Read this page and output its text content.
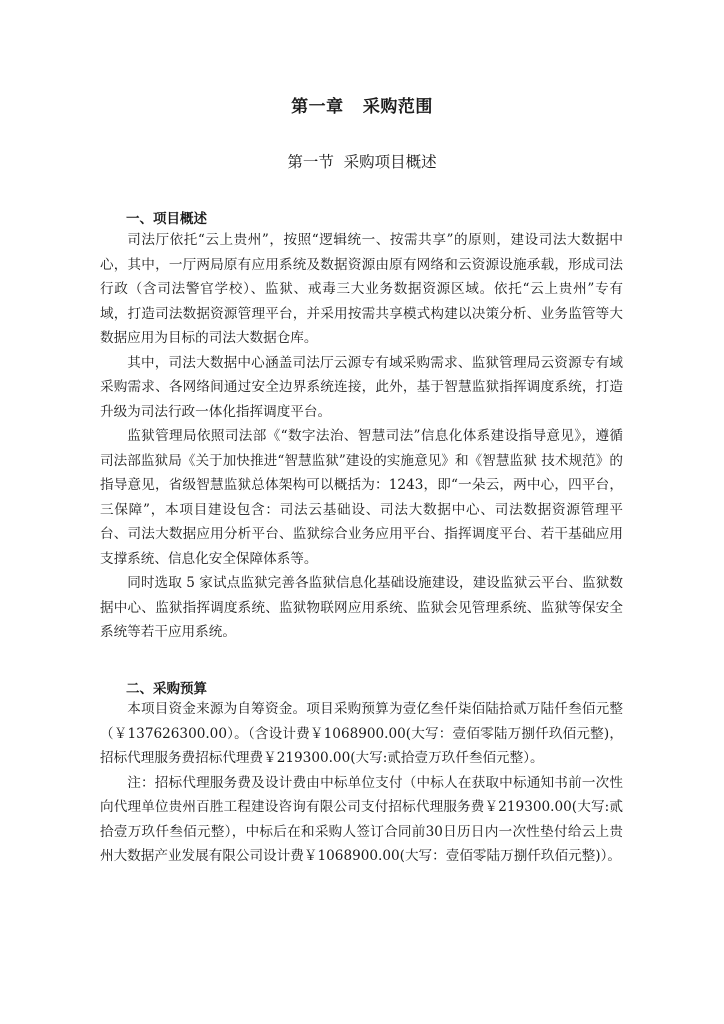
第一章   采购范围
第一节  采购项目概述
一、项目概述

司法厅依托“云上贵州”，按照“逻辑统一、按需共享”的原则，建设司法大数据中心，其中，一厅两局原有应用系统及数据资源由原有网络和云资源设施承载，形成司法行政（含司法警官学校）、监狱、戒毒三大业务数据资源区域。依托“云上贵州”专有域，打造司法数据资源管理平台，并采用按需共享模式构建以决策分析、业务监管等大数据应用为目标的司法大数据仓库。

其中，司法大数据中心涵盖司法厅云源专有域采购需求、监狱管理局云资源专有域采购需求、各网络间通过安全边界系统连接，此外，基于智慧监狱指挥调度系统，打造升级为司法行政一体化指挥调度平台。

监狱管理局依照司法部《“数字法治、智慧司法”信息化体系建设指导意见》，遵循司法部监狱局《关于加快推进“智慧监狱”建设的实施意见》和《智慧监狱 技术规范》的指导意见，省级智慧监狱总体架构可以概括为：1243，即“一朵云，两中心，四平台，三保障”，本项目建设包含：司法云基础设、司法大数据中心、司法数据资源管理平台、司法大数据应用分析平台、监狱综合业务应用平台、指挥调度平台、若干基础应用支撑系统、信息化安全保障体系等。

同时选取 5 家试点监狱完善各监狱信息化基础设施建设，建设监狱云平台、监狱数据中心、监狱指挥调度系统、监狱物联网应用系统、监狱会见管理系统、监狱等保安全系统等若干应用系统。

二、采购预算

本项目资金来源为自筹资金。项目采购预算为壹亿叁仟柒佰陆拾贰万陆仟叁佰元整（￥137626300.00）。（含设计费￥1068900.00(大写：壹佰零陆万捌仟玖佰元整)，招标代理服务费招标代理费￥219300.00(大写:贰拾壹万玖仟叁佰元整）。

注：招标代理服务费及设计费由中标单位支付（中标人在获取中标通知书前一次性向代理单位贵州百胜工程建设咨询有限公司支付招标代理服务费￥219300.00(大写:贰拾壹万玖仟叁佰元整），中标后在和采购人签订合同前30日历日内一次性垫付给云上贵州大数据产业发展有限公司设计费￥1068900.00(大写：壹佰零陆万捌仟玖佰元整)）。
